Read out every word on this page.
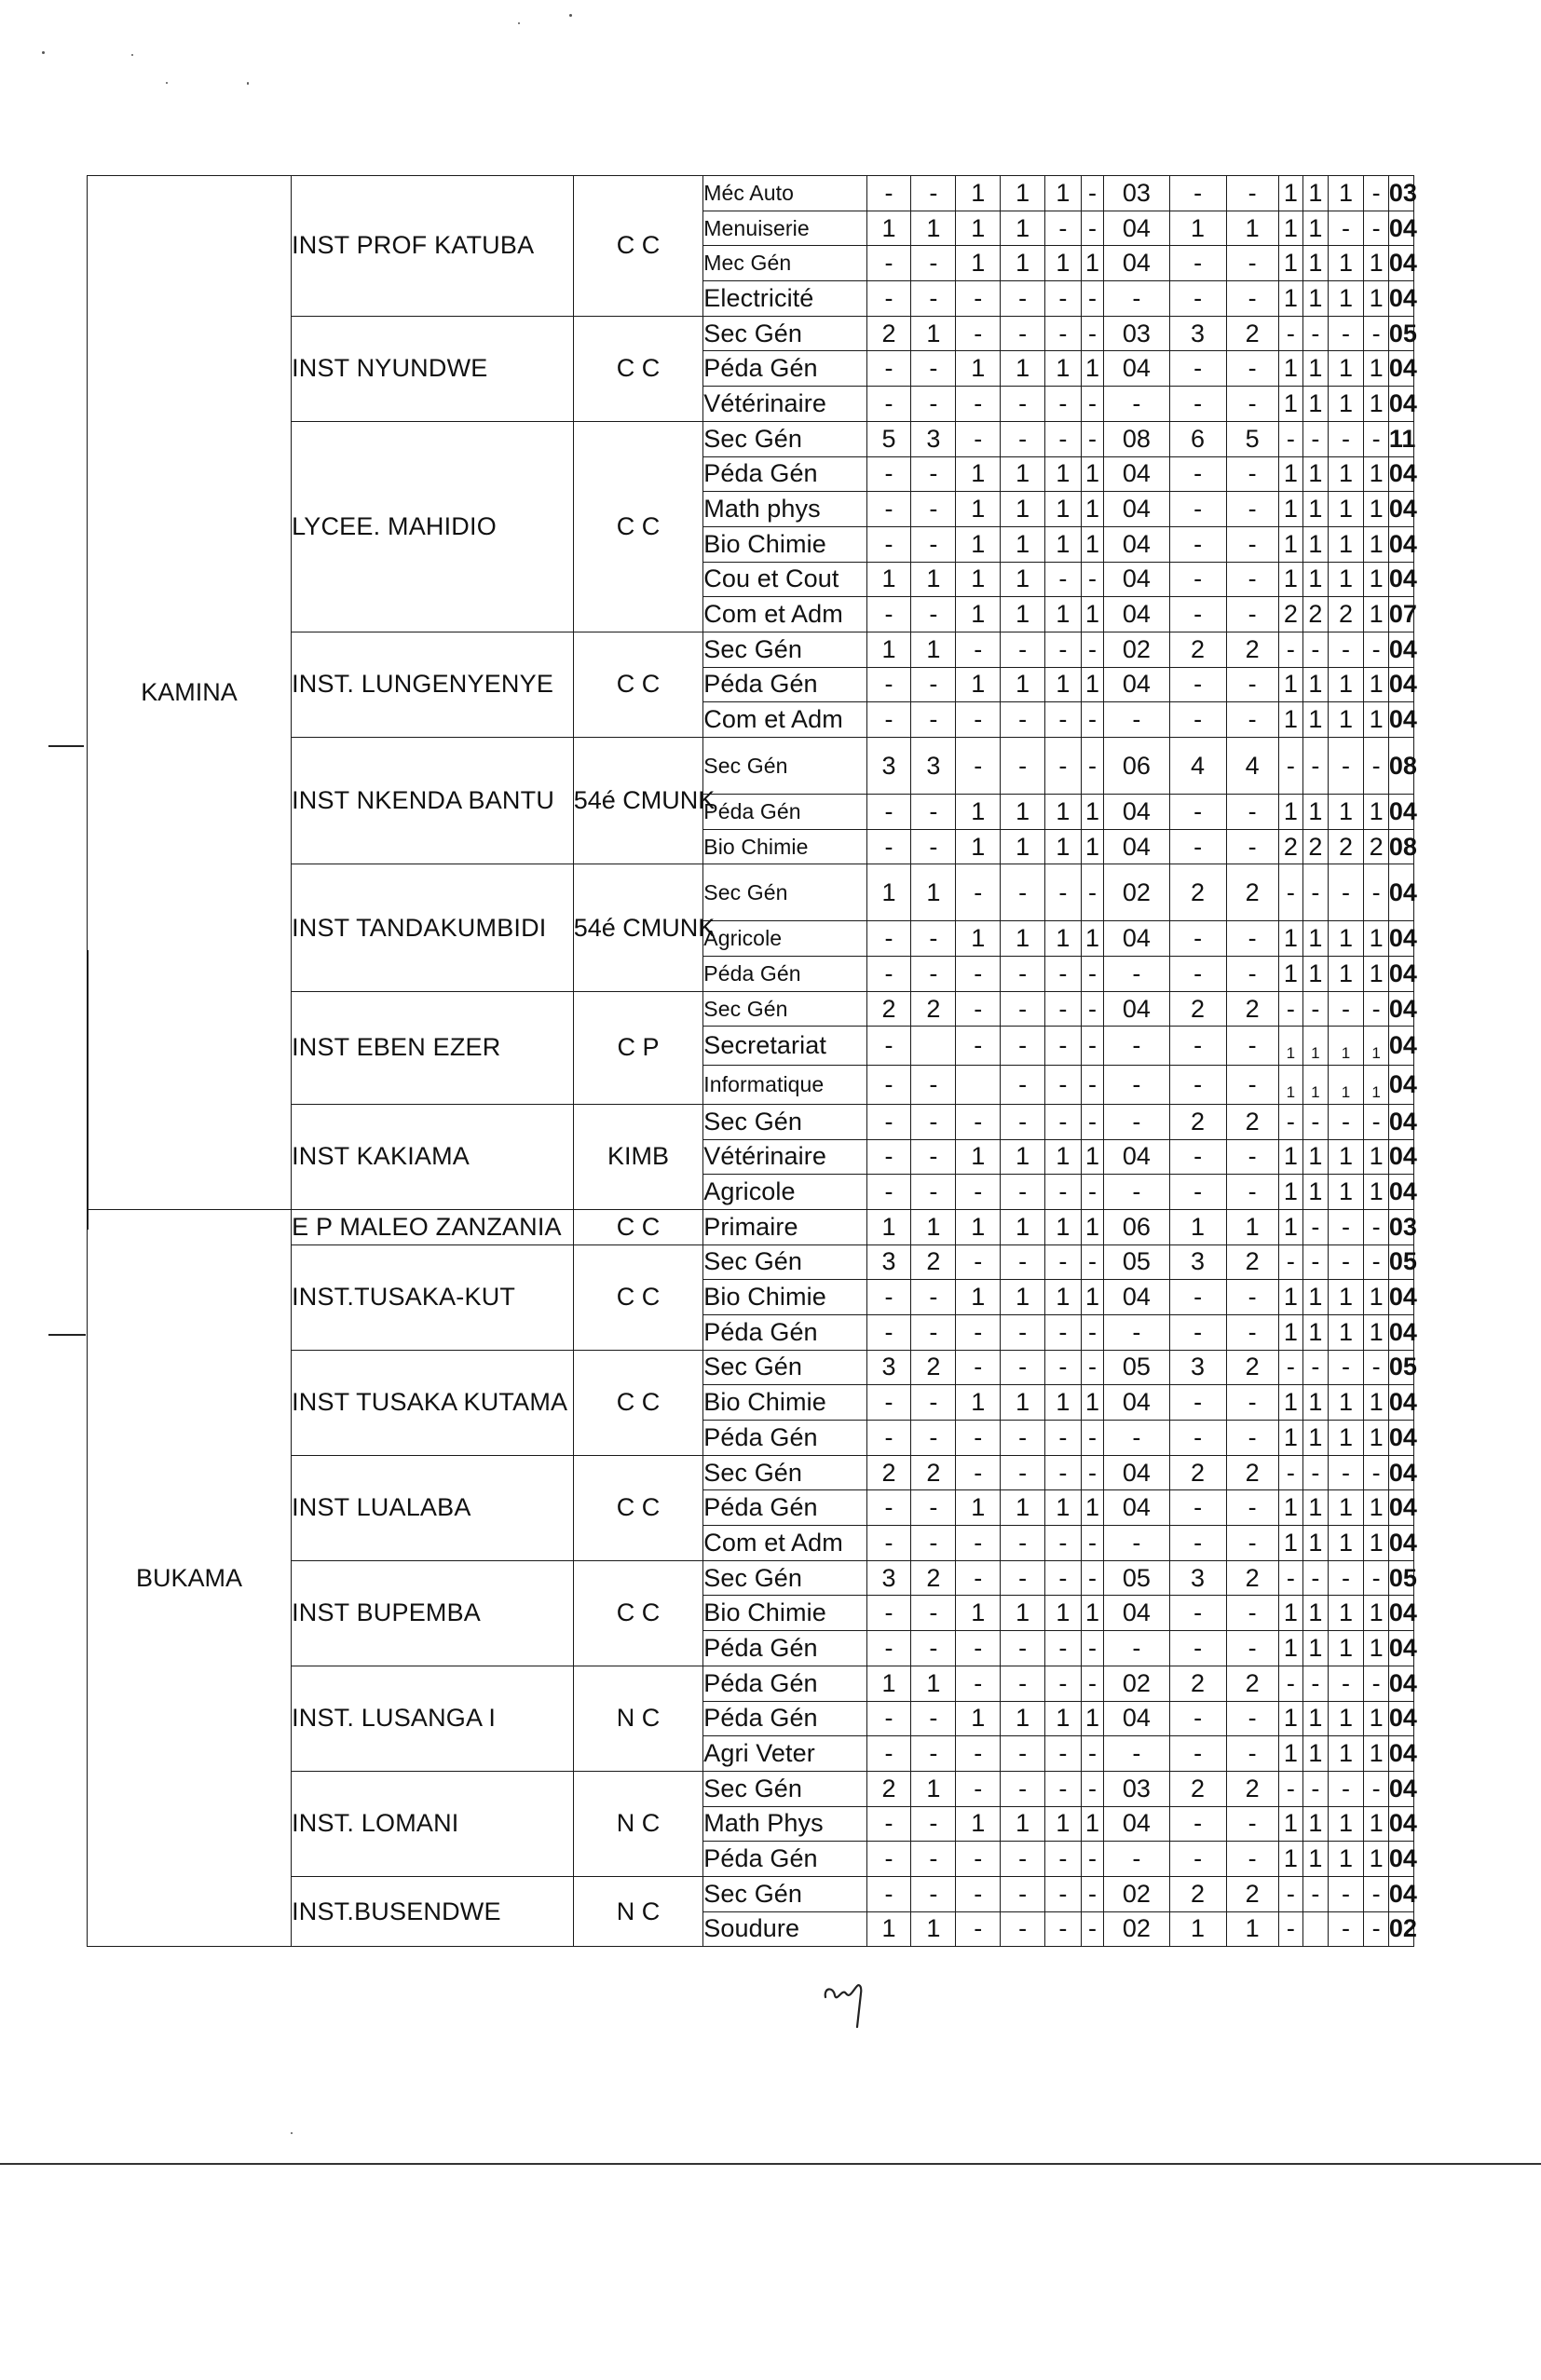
KAMINA	INST PROF KATUBA	C C	Méc Auto	-	-	1	1	1	-	03	-	-	1	1	1	-	03
			Menuiserie	1	1	1	1	-	-	04	1	1	1	1	-	-	04
			Mec Gén	-	-	1	1	1	1	04	-	-	1	1	1	1	04
			Electricité	-	-	-	-	-	-	-	-	-	1	1	1	1	04
	INST NYUNDWE	C C	Sec Gén	2	1	-	-	-	-	03	3	2	-	-	-	-	05
			Péda Gén	-	-	1	1	1	1	04	-	-	1	1	1	1	04
			Vétérinaire	-	-	-	-	-	-	-	-	-	1	1	1	1	04
	LYCEE. MAHIDIO	C C	Sec Gén	5	3	-	-	-	-	08	6	5	-	-	-	-	11
			Péda Gén	-	-	1	1	1	1	04	-	-	1	1	1	1	04
			Math phys	-	-	1	1	1	1	04	-	-	1	1	1	1	04
			Bio Chimie	-	-	1	1	1	1	04	-	-	1	1	1	1	04
			Cou et Cout	1	1	1	1	-	-	04	-	-	1	1	1	1	04
			Com et Adm	-	-	1	1	1	1	04	-	-	2	2	2	1	07
	INST. LUNGENYENYE	C C	Sec Gén	1	1	-	-	-	-	02	2	2	-	-	-	-	04
			Péda Gén	-	-	1	1	1	1	04	-	-	1	1	1	1	04
			Com et Adm	-	-	-	-	-	-	-	-	-	1	1	1	1	04
	INST NKENDA BANTU	54é CMUNK	Sec Gén	3	3	-	-	-	-	06	4	4	-	-	-	-	08
			Péda Gén	-	-	1	1	1	1	04	-	-	1	1	1	1	04
			Bio Chimie	-	-	1	1	1	1	04	-	-	2	2	2	2	08
	INST TANDAKUMBIDI	54é CMUNK	Sec Gén	1	1	-	-	-	-	02	2	2	-	-	-	-	04
			Agricole	-	-	1	1	1	1	04	-	-	1	1	1	1	04
			Péda Gén	-	-	-	-	-	-	-	-	-	1	1	1	1	04
	INST EBEN EZER	C P	Sec Gén	2	2	-	-	-	-	04	2	2	-	-	-	-	04
			Secretariat	-		-	-	-	-	-	-	-	1	1	1	1	04
			Informatique	-	-		-	-	-	-	-	-	1	1	1	1	04
	INST KAKIAMA	KIMB	Sec Gén	-	-	-	-	-	-	-	2	2	-	-	-	-	04
			Vétérinaire	-	-	1	1	1	1	04	-	-	1	1	1	1	04
			Agricole	-	-	-	-	-	-	-	-	-	1	1	1	1	04
BUKAMA	E P MALEO ZANZANIA	C C	Primaire	1	1	1	1	1	1	06	1	1	1	-	-	-	03
	INST.TUSAKA-KUT	C C	Sec Gén	3	2	-	-	-	-	05	3	2	-	-	-	-	05
			Bio Chimie	-	-	1	1	1	1	04	-	-	1	1	1	1	04
			Péda Gén	-	-	-	-	-	-	-	-	-	1	1	1	1	04
	INST TUSAKA KUTAMA	C C	Sec Gén	3	2	-	-	-	-	05	3	2	-	-	-	-	05
			Bio Chimie	-	-	1	1	1	1	04	-	-	1	1	1	1	04
			Péda Gén	-	-	-	-	-	-	-	-	-	1	1	1	1	04
	INST LUALABA	C C	Sec Gén	2	2	-	-	-	-	04	2	2	-	-	-	-	04
			Péda Gén	-	-	1	1	1	1	04	-	-	1	1	1	1	04
			Com et Adm	-	-	-	-	-	-	-	-	-	1	1	1	1	04
	INST BUPEMBA	C C	Sec Gén	3	2	-	-	-	-	05	3	2	-	-	-	-	05
			Bio Chimie	-	-	1	1	1	1	04	-	-	1	1	1	1	04
			Péda Gén	-	-	-	-	-	-	-	-	-	1	1	1	1	04
	INST. LUSANGA I	N C	Péda Gén	1	1	-	-	-	-	02	2	2	-	-	-	-	04
			Péda Gén	-	-	1	1	1	1	04	-	-	1	1	1	1	04
			Agri Veter	-	-	-	-	-	-	-	-	-	1	1	1	1	04
	INST. LOMANI	N C	Sec Gén	2	1	-	-	-	-	03	2	2	-	-	-	-	04
			Math Phys	-	-	1	1	1	1	04	-	-	1	1	1	1	04
			Péda Gén	-	-	-	-	-	-	-	-	-	1	1	1	1	04
	INST.BUSENDWE	N C	Sec Gén	-	-	-	-	-	-	02	2	2	-	-	-	-	04
			Soudure	1	1	-	-	-	-	02	1	1	-		-	-	02
